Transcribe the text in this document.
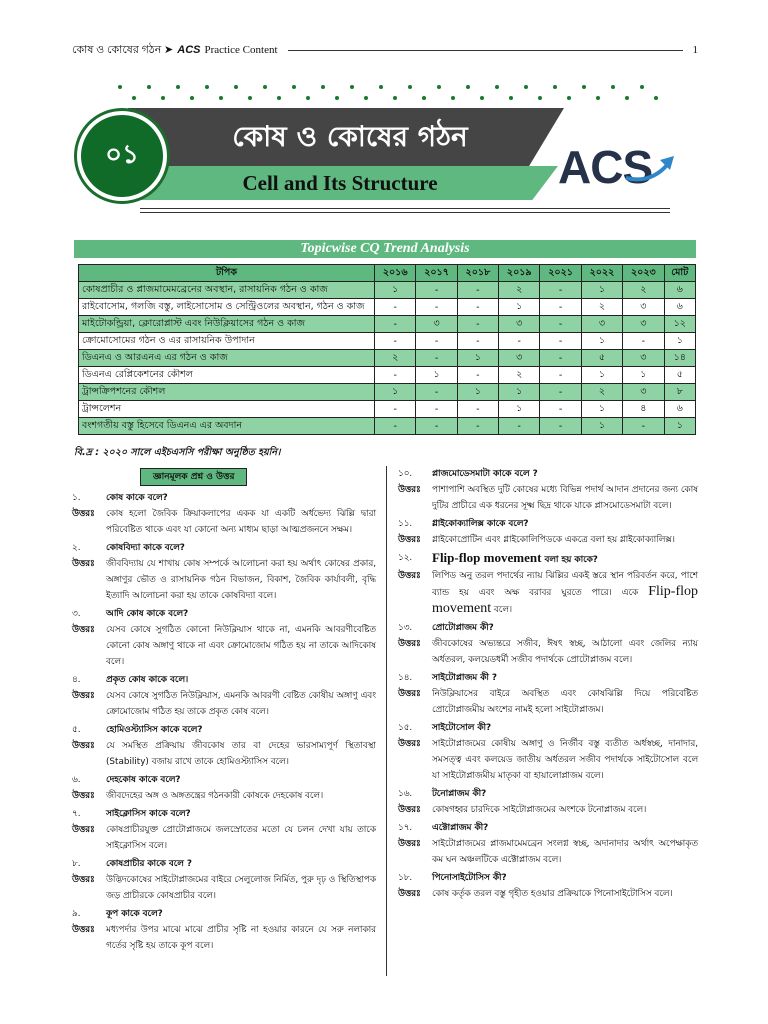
কোষ ও কোষের গঠন ➤ ACS Practice Content	1
কোষ ও কোষের গঠন
Cell and Its Structure
০১	ACS
Topicwise CQ Trend Analysis
টপিক	২০১৬	২০১৭	২০১৮	২০১৯	২০২১	২০২২	২০২৩	মোট
কোষপ্রাচীর ও প্লাজমামেমব্রেনের অবস্থান, রাসায়নিক গঠন ও কাজ	১	-	-	২	-	১	২	৬
রাইবোসোম, গলজি বস্তু, লাইসোসোম ও সেন্ট্রিওলের অবস্থান, গঠন ও কাজ	-	-	-	১	-	২	৩	৬
মাইটোকন্ড্রিয়া, ক্লোরোপ্লাস্ট এবং নিউক্লিয়াসের গঠন ও কাজ	-	৩	-	৩	-	৩	৩	১২
ক্রোমোসোমের গঠন ও এর রাসায়নিক উপাদান	-	-	-	-	-	১	-	১
ডিএনএ ও আরএনএ এর গঠন ও কাজ	২	-	১	৩	-	৫	৩	১৪
ডিএনএ রেপ্লিকেশনের কৌশল	-	১	-	২	-	১	১	৫
ট্রান্সক্রিপশনের কৌশল	১	-	১	১	-	২	৩	৮
ট্রান্সলেশন	-	-	-	১	-	১	৪	৬
বংশগতীয় বস্তু হিসেবে ডিএনএ এর অবদান	-	-	-	-	-	১	-	১
বি.দ্র : ২০২০ সালে এইচএসসি পরীক্ষা অনুষ্ঠিত হয়নি।
জ্ঞানমূলক প্রশ্ন ও উত্তর
১.	কোষ কাকে বলে?
উত্তরঃ	কোষ হলো জৈবিক ক্রিয়াকলাপের একক যা একটি অর্ধভেদ্য ঝিল্লি দ্বারা পরিবেষ্টিত থাকে এবং যা কোনো অন্য মাধ্যম ছাড়া আত্মপ্রজননে সক্ষম।
২.	কোষবিদ্যা কাকে বলে?
উত্তরঃ	জীববিদ্যায় যে শাখায় কোষ সম্পর্কে আলোচনা করা হয় অর্থাৎ কোষের প্রকার, অঙ্গাণুর ভৌত ও রাসায়নিক গঠন বিভাজন, বিকাশ, জৈবিক কার্যাবলী, বৃদ্ধি ইত্যাদি আলোচনা করা হয় তাকে কোষবিদ্যা বলে।
৩.	আদি কোষ কাকে বলে?
উত্তরঃ	যেসব কোষে সুগঠিত কোনো নিউক্লিয়াস থাকে না, এমনকি আবরণীবেষ্টিত কোনো কোষ অঙ্গাণু থাকে না এবং ক্রোমোজোম গঠিত হয় না তাকে আদিকোষ বলে।
৪.	প্রকৃত কোষ কাকে বলে।
উত্তরঃ	যেসব কোষে সুগঠিত নিউক্লিয়াস, এমনকি আবরণী বেষ্টিত কোষীয় অঙ্গাণু এবং ক্রোমোজোম গঠিত হয় তাকে প্রকৃত কোষ বলে।
৫.	হোমিওস্ট্যাসিস কাকে বলে?
উত্তরঃ	যে সমস্থিত প্রক্রিয়ায় জীবকোষ তার বা দেহের ভারসাম্যপূর্ণ স্থিতাবস্থা (Stability) বজায় রাখে তাকে হোমিওস্ট্যাসিস বলে।
৬.	দেহকোষ কাকে বলে?
উত্তরঃ	জীবদেহের অঙ্গ ও অঙ্গতন্ত্রের গঠনকারী কোষকে দেহকোষ বলে।
৭.	সাইক্লোসিস কাকে বলে?
উত্তরঃ	কোষপ্রাচীরযুক্ত প্রোটোপ্লাজমে জলস্রোতের মতো যে চলন দেখা যায় তাকে সাইক্লোসিস বলে।
৮.	কোষপ্রাচীর কাকে বলে ?
উত্তরঃ	উদ্ভিদকোষের সাইটোপ্লাজমের বাইরে সেলুলোজ নির্মিত, পুরু দৃঢ় ও স্থিতিস্থাপক জড় প্রাচীরকে কোষপ্রাচীর বলে।
৯.	কূপ কাকে বলে?
উত্তরঃ	মধ্যপর্দার উপর মাঝে মাঝে প্রাচীর সৃষ্টি না হওয়ার কারনে যে সরু নলাকার গর্তের সৃষ্টি হয় তাকে কূপ বলে।
১০.	প্লাজমোডেসমাটা কাকে বলে ?
উত্তরঃ	পাশাপাশি অবস্থিত দুটি কোষের মধ্যে বিভিন্ন পদার্থ আদান প্রদানের জন্য কোষ দুটির প্রাচীরে এক ধরনের সূক্ষ্ম ছিদ্র থাকে যাকে প্লাসমোডেসমাটা বলে।
১১.	গ্লাইকোক্যালিক্স কাকে বলে?
উত্তরঃ	গ্লাইকোপ্রোটিন এবং গ্লাইকোলিপিডকে একত্রে বলা হয় গ্লাইকোক্যালিক্স।
১২.	Flip-flop movement বলা হয় কাকে?
উত্তরঃ	লিপিড অনু তরল পদার্থের ন্যায় ঝিল্লির একই স্তরে স্থান পরিবর্তন করে, পাশে ব্যান্ড হয় এবং অক্ষ বরাবর ঘুরতে পারে। একে Flip-flop movement বলে।
১৩.	প্রোটোপ্লাজম কী?
উত্তরঃ	জীবকোষের অভ্যন্তরে সজীব, ঈষৎ স্বচ্ছ, আঠালো এবং জেলির ন্যায় অর্ধতরল, কলয়েডধর্মী সজীব পদার্থকে প্রোটোপ্লাজম বলে।
১৪.	সাইটোপ্লাজম কী ?
উত্তরঃ	নিউক্লিয়াসের বাইরে অবস্থিত এবং কোষঝিল্লি দিয়ে পরিবেষ্টিত প্রোটোপ্লাজমীয় অংশের নামই হলো সাইটোপ্লাজম।
১৫.	সাইটোসোল কী?
উত্তরঃ	সাইটোপ্লাজমের কোষীয় অঙ্গাণু ও নির্জীব বস্তু ব্যতীত অর্ধস্বচ্ছ, দানাদার, সমসত্ত্ব এবং কলয়েড জাতীয় অর্ধতরল সজীব পদার্থকে সাইটোসোল বলে যা সাইটোপ্লাজমীয় মাতৃকা বা হায়ালোপ্লাজম বলে।
১৬.	টনোপ্লাজম কী?
উত্তরঃ	কোষগহ্বর চারদিকে সাইটোপ্লাজমের অংশকে টনোপ্লাজম বলে।
১৭.	এক্টোপ্লাজম কী?
উত্তরঃ	সাইটোপ্লাজমের প্লাজমামেমব্রেন সংলগ্ন স্বচ্ছ, অদানাদার অর্থাৎ অপেক্ষাকৃত কম ঘন অঞ্চলটিকে এক্টোপ্লাজম বলে।
১৮.	পিনোসাইটোসিস কী?
উত্তরঃ	কোষ কর্তৃক তরল বস্তু গৃহীত হওয়ার প্রক্রিয়াকে পিনোসাইটোসিস বলে।
